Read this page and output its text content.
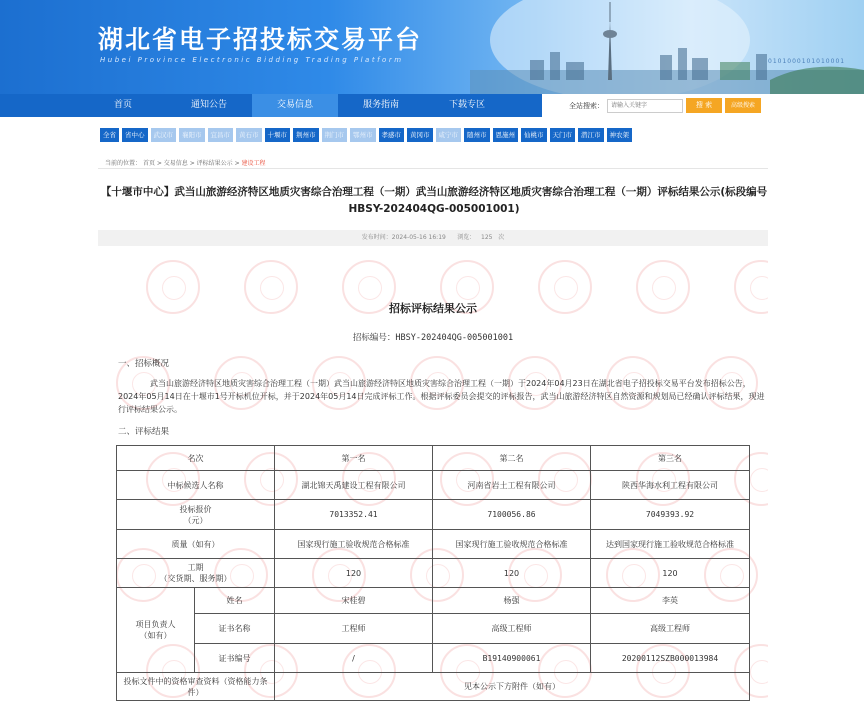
湖北省电子招投标交易平台
Hubei Province Electronic Bidding Trading Platform	0101000101010001
首页	通知公告	交易信息	服务指南	下载专区	全站搜索：
请输入关键字	搜 索	高级搜索
全省	省中心	武汉市	襄阳市	宜昌市	黄石市	十堰市	荆州市	荆门市	鄂州市	孝感市	黄冈市	咸宁市	随州市	恩施州	仙桃市	天门市	潜江市	神农架
当前的位置： 首页 > 交易信息 > 评标结果公示 > 建设工程
【十堰市中心】武当山旅游经济特区地质灾害综合治理工程（一期）武当山旅游经济特区地质灾害综合治理工程（一期）评标结果公示(标段编号HBSY-202404QG-005001001)
发布时间：2024-05-16 16:19 浏览： 125 次
招标评标结果公示
招标编号：HBSY-202404QG-005001001
一、招标概况
武当山旅游经济特区地质灾害综合治理工程（一期）武当山旅游经济特区地质灾害综合治理工程（一期）于2024年04月23日在湖北省电子招投标交易平台发布招标公告，2024年05月14日在十堰市1号开标机位开标，并于2024年05月14日完成评标工作。根据评标委员会提交的评标报告，武当山旅游经济特区自然资源和规划局已经确认评标结果，现进行评标结果公示。
二、评标结果
名次		第一名	第二名	第三名
中标候选人名称		湖北锦天禹建设工程有限公司	河南省岩土工程有限公司	陕西华海水利工程有限公司
投标报价
（元）		7013352.41	7100056.86	7049393.92
质量（如有）		国家现行施工验收规范合格标准	国家现行施工验收规范合格标准	达到国家现行施工验收规范合格标准
工期
（交货期、服务期）		120	120	120
项目负责人
（如有）	姓名	宋桂碧	杨强	李英
	证书名称	工程师	高级工程师	高级工程师
	证书编号	/	B19140900061	20200112SZB000013984
投标文件中的资格审查资料（资格能力条件）		见本公示下方附件（如有）		
